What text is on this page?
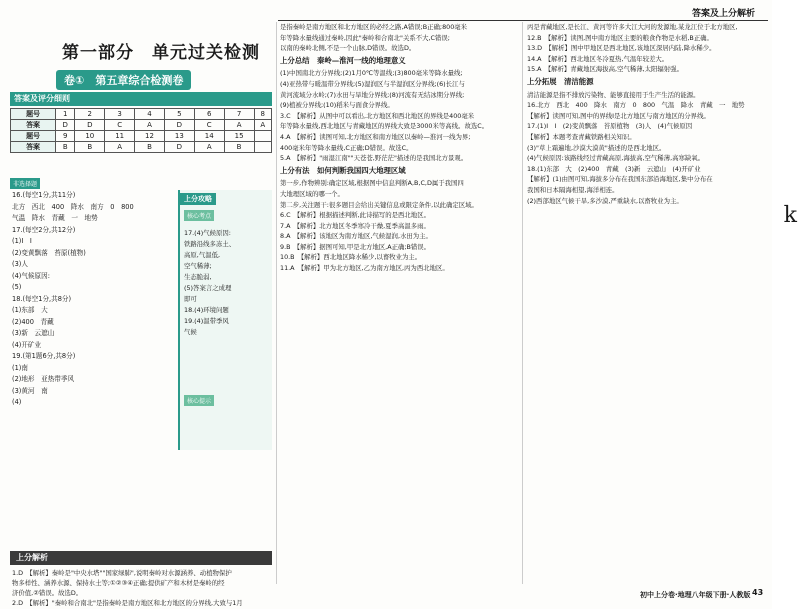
答案及上分解析
第一部分　单元过关检测
卷①　第五章综合检测卷
答案及评分细则
题号	1	2	3	4	5	6	7	8
答案	D	D	C	A	D	C	A	A
题号	9	10	11	12	13	14	15	
答案	B	B	A	B	D	A	B	
非选择题
16.(每空1分,共11分)
北方　西北　400　降水　南方　0　800
气温　降水　青藏　一　地势
17.(每空2分,共12分)
(1)Ⅰ　Ⅰ
(2)变黄飘落　苔原(植物)
(3)人
(4)气候原因:
(5)
18.(每空1分,共8分)
(1)东部　大
(2)400　青藏
(3)新　云遮山
(4)开矿业
19.(第1题6分,共8分)
(1)南
(2)地形　亚热带季风
(3)黄河　南
(4)
上分攻略
核心考点
核心提示
17.(4)气候原因:
铁路沿线多冻土、
高原,气温低,
空气稀薄;
生态脆弱,
(5)答案言之成理
即可
18.(4)环境问题
19.(4)温带季风
气候
上分解析
1.D　【解析】秦岭是"中央水塔""国家绿肺",说明秦岭对水源涵养、动植物保护
物多样性、涵养水源、保持水土等;①②③④正确;提供矿产和木材是秦岭的经
济价值,②错误。故选D。
2.D　【解析】"秦岭和合南北"是指秦岭是南方地区和北方地区的分界线,大致与1月
是指秦岭是南方地区和北方地区的必经之路,A错误;B正确;800毫米
年等降水量线通过秦岭,因此"秦岭和合南北"关系不大,C错误;
以南的秦岭北侧,不是一个山脉,D错误。故选D。
上分总结　秦岭—淮河一线的地理意义
(1)中国南北方分界线;(2)1月0℃等温线;(3)800毫米等降水量线;
(4)亚热带与暖温带分界线;(5)湿润区与半湿润区分界线;(6)长江与
黄河流域分水岭;(7)水田与旱地分界线;(8)河流有无结冰期分界线;
(9)植被分界线;(10)稻米与面食分界线。
3.C　【解析】从图中可以看出,北方地区和西北地区的界线是400毫米
年等降水量线,西北地区与青藏地区的界线大致是3000米等高线。故选C。
4.A　【解析】读图可知,北方地区和南方地区以秦岭—淮河一线为界;
400毫米年等降水量线,C正确;D错误。故选C。
5.A　【解析】"雨湿江南""天苍苍,野茫茫"描述的是我国北方景观。
上分有法　如何判断我国四大地理区域
第一步,作物辨别:确定区域,根据图中信息判断A,B,C,D属于我国四
大地理区域的哪一个。
第二步,关注题干:很多题目会给出关键信息或限定条件,以此确定区域。
6.C　【解析】根据描述判断,此诗描写的是西北地区。
7.A　【解析】北方地区冬季寒冷干燥,夏季高温多雨。
8.A　【解析】该地区为南方地区,气候湿润,水田为主。
9.B　【解析】据图可知,甲是北方地区,A正确;B错误。
10.B　【解析】西北地区降水稀少,以畜牧业为主。
11.A　【解析】甲为北方地区,乙为南方地区,丙为西北地区。
丙是青藏地区,是长江、黄河等许多大江大河的发源地,某龙江位于北方地区,
12.B　【解析】读图,图中南方地区主要的粮食作物是水稻,B正确。
13.D　【解析】图中甲地区是西北地区,该地区深居内陆,降水稀少。
14.A　【解析】西北地区冬冷夏热,气温年较差大。
15.A　【解析】青藏地区海拔高,空气稀薄,太阳辐射强。
上分拓展　清洁能源
清洁能源是指不排放污染物、能够直接用于生产生活的能源。
16.北方　西北　400　降水　南方　0　800　气温　降水　青藏　一　地势
【解析】读图可知,图中的界线Ⅰ是北方地区与南方地区的分界线。
17.(1)Ⅰ　Ⅰ　(2)变黄飘落　苔原植物　(3)人　(4)气候原因
【解析】本题考查青藏铁路相关知识。
(3)"草上霜遍地,沙漠大漠黄"描述的是西北地区。
(4)气候原因:该路线经过青藏高原,海拔高,空气稀薄,高寒缺氧。
18.(1)东部　大　(2)400　青藏　(3)新　云遮山　(4)开矿业
【解析】(1)由图可知,海拔多分布在我国东部沿海地区,集中分布在
我国和日本隔海相望,海洋相连。
(2)西部地区气候干旱,多沙漠,严重缺水,以畜牧业为主。
初中上分卷·地理八年级下册·人教版 43
k
